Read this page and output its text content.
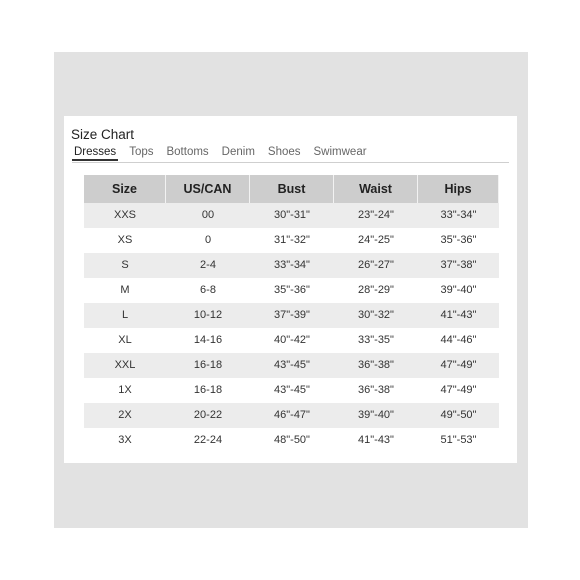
Size Chart
Dresses Tops Bottoms Denim Shoes Swimwear
Size	US/CAN	Bust	Waist	Hips
XXS	00	30"-31"	23"-24"	33"-34"
XS	0	31"-32"	24"-25"	35"-36"
S	2-4	33"-34"	26"-27"	37"-38"
M	6-8	35"-36"	28"-29"	39"-40"
L	10-12	37"-39"	30"-32"	41"-43"
XL	14-16	40"-42"	33"-35"	44"-46"
XXL	16-18	43"-45"	36"-38"	47"-49"
1X	16-18	43"-45"	36"-38"	47"-49"
2X	20-22	46"-47"	39"-40"	49"-50"
3X	22-24	48"-50"	41"-43"	51"-53"
